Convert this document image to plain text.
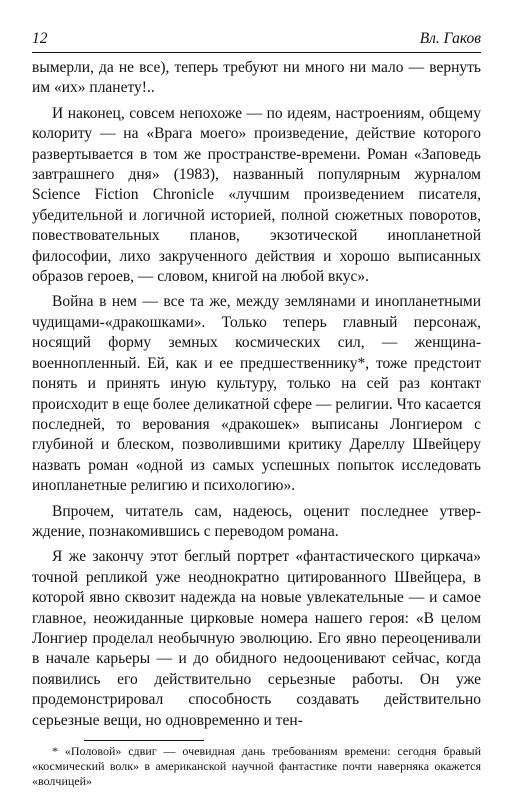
12	Вл. Гаков

вымерли, да не все), теперь требуют ни много ни мало — вернуть им «их» планету!..

И наконец, совсем непохоже — по идеям, настроениям, общему колориту — на «Врага моего» произведение, действие которого развертывается в том же пространстве-времени. Роман «Заповедь завтрашнего дня» (1983), названный популярным журналом Science Fiction Chronicle «лучшим произведением писателя, убедительной и логичной историей, полной сюжетных поворотов, повествовательных планов, экзотической инопланетной философии, лихо закрученного действия и хорошо выписанных образов героев, — словом, книгой на любой вкус».

Война в нем — все та же, между землянами и инопланетными чудищами-«дракошками». Только теперь главный персонаж, носящий форму земных космических сил, — женщина-военнопленный. Ей, как и ее предшественнику*, тоже предстоит понять и принять иную культуру, только на сей раз контакт происходит в еще более деликатной сфере — религии. Что касается последней, то верования «дракошек» выписаны Лонгиером с глубиной и блеском, позволившими критику Дареллу Швейцеру назвать роман «одной из самых успешных попыток исследовать инопланетные религию и психологию».

Впрочем, читатель сам, надеюсь, оценит последнее утверждение, познакомившись с переводом романа.

Я же закончу этот беглый портрет «фантастического циркача» точной репликой уже неоднократно цитированного Швейцера, в которой явно сквозит надежда на новые увлекательные — и самое главное, неожиданные цирковые номера нашего героя: «В целом Лонгиер проделал необычную эволюцию. Его явно переоценивали в начале карьеры — и до обидного недооценивают сейчас, когда появились его действительно серьезные работы. Он уже продемонстрировал способность создавать действительно серьезные вещи, но одновременно и тен-

* «Половой» сдвиг — очевидная дань требованиям времени: сегодня бравый «космический волк» в американской научной фантастике почти наверняка окажется «волчицей»
